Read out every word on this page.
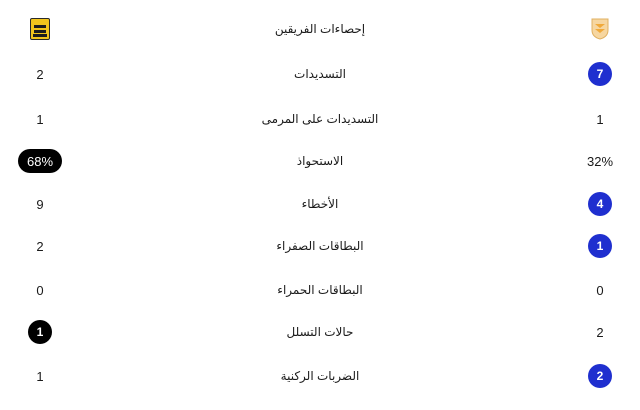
إحصاءات الفريقين
2	التسديدات	7
1	التسديدات على المرمى	1
68%	الاستحواذ	32%
9	الأخطاء	4
2	البطاقات الصفراء	1
0	البطاقات الحمراء	0
1	حالات التسلل	2
1	الضربات الركنية	2
